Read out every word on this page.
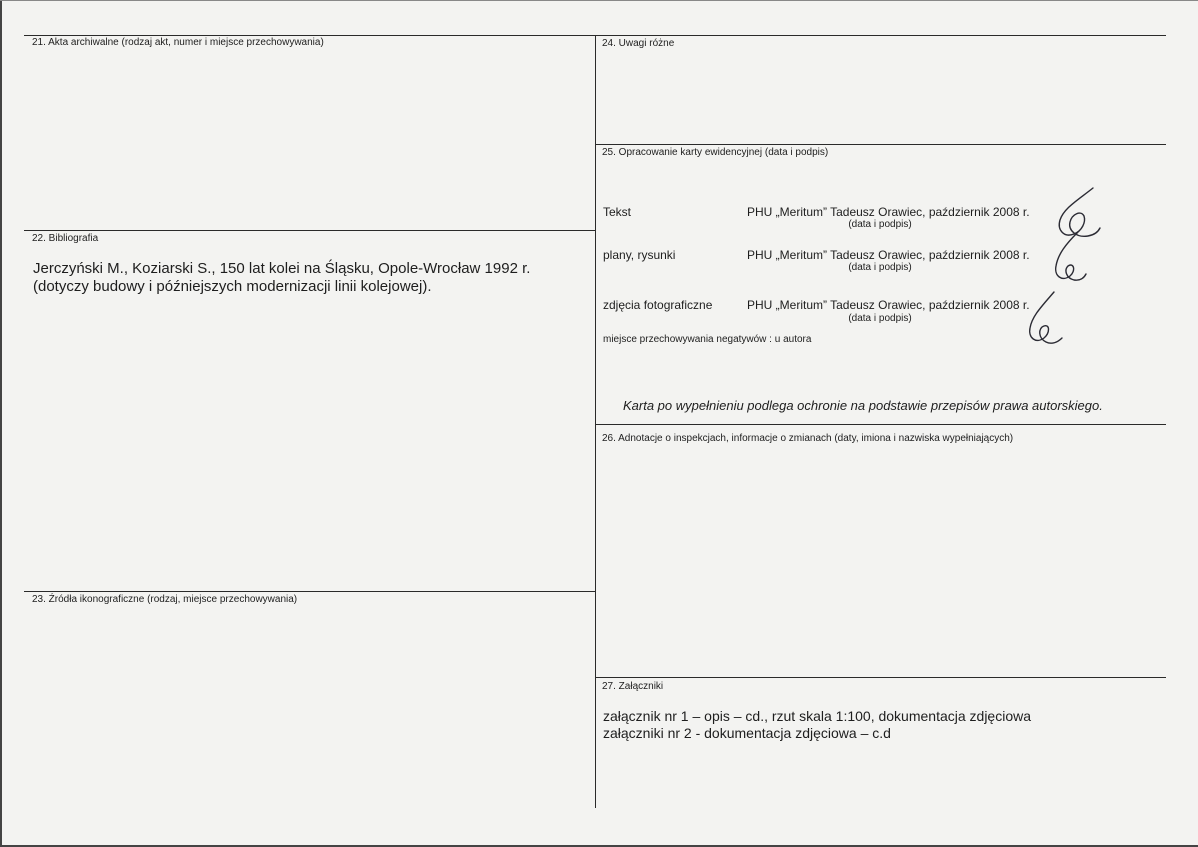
21. Akta archiwalne (rodzaj akt, numer i miejsce przechowywania)
22. Bibliografia
Jerczyński M., Koziarski S., 150 lat kolei na Śląsku, Opole-Wrocław 1992 r.
(dotyczy budowy i późniejszych modernizacji linii kolejowej).
23. Źródła ikonograficzne (rodzaj, miejsce przechowywania)
24. Uwagi różne
25. Opracowanie karty ewidencyjnej (data i podpis)
Tekst	PHU „Meritum” Tadeusz Orawiec, październik 2008 r.
(data i podpis)
plany, rysunki	PHU „Meritum” Tadeusz Orawiec, październik 2008 r.
(data i podpis)
zdjęcia fotograficzne	PHU „Meritum” Tadeusz Orawiec, październik 2008 r.
(data i podpis)
miejsce przechowywania negatywów : u autora
Karta po wypełnieniu podlega ochronie na podstawie przepisów prawa autorskiego.
26. Adnotacje o inspekcjach, informacje o zmianach (daty, imiona i nazwiska wypełniających)
27. Załączniki
załącznik nr 1 – opis – cd., rzut skala 1:100, dokumentacja zdjęciowa
załączniki nr 2 - dokumentacja zdjęciowa – c.d
